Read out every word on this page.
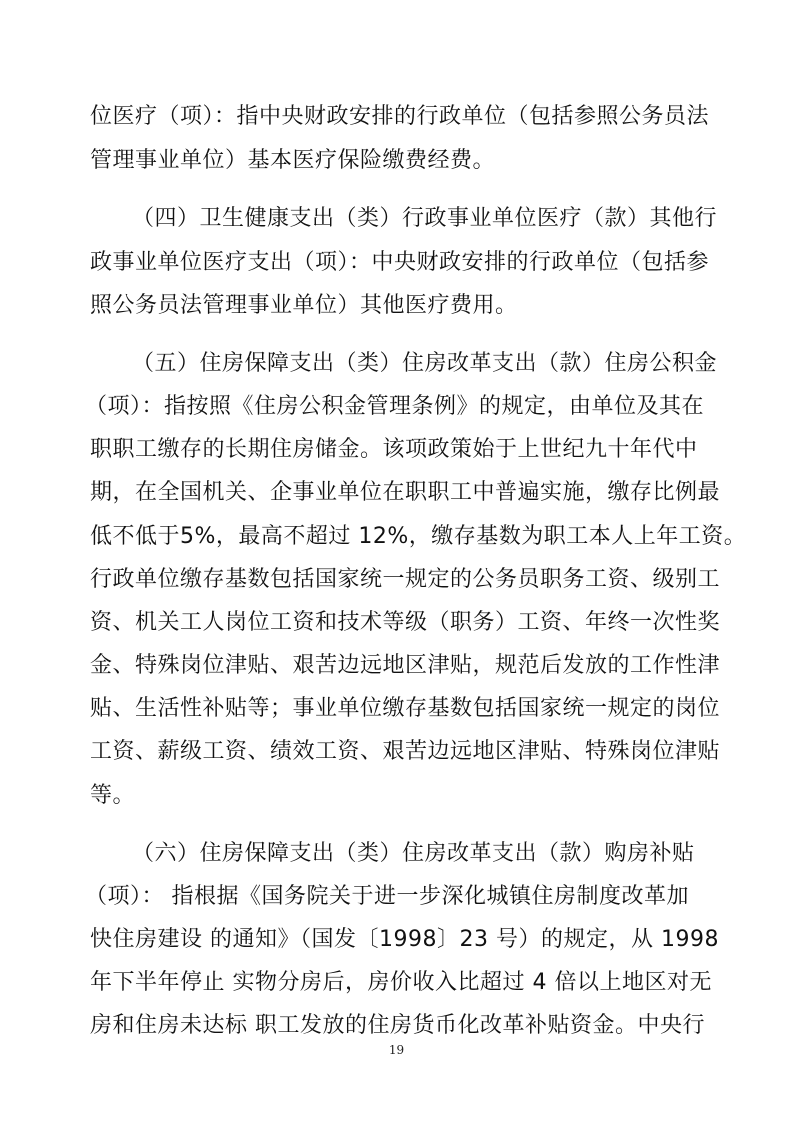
位医疗（项）：指中央财政安排的行政单位（包括参照公务员法
管理事业单位）基本医疗保险缴费经费。
（四）卫生健康支出（类）行政事业单位医疗（款）其他行
政事业单位医疗支出（项）：中央财政安排的行政单位（包括参
照公务员法管理事业单位）其他医疗费用。
（五）住房保障支出（类）住房改革支出（款）住房公积金
（项）：指按照《住房公积金管理条例》的规定，由单位及其在
职职工缴存的长期住房储金。该项政策始于上世纪九十年代中
期，在全国机关、企事业单位在职职工中普遍实施，缴存比例最
低不低于5%，最高不超过 12%，缴存基数为职工本人上年工资。
行政单位缴存基数包括国家统一规定的公务员职务工资、级别工
资、机关工人岗位工资和技术等级（职务）工资、年终一次性奖
金、特殊岗位津贴、艰苦边远地区津贴，规范后发放的工作性津
贴、生活性补贴等；事业单位缴存基数包括国家统一规定的岗位
工资、薪级工资、绩效工资、艰苦边远地区津贴、特殊岗位津贴
等。
（六）住房保障支出（类）住房改革支出（款）购房补贴
（项）： 指根据《国务院关于进一步深化城镇住房制度改革加
快住房建设 的通知》（国发〔1998〕23 号）的规定，从 1998
年下半年停止 实物分房后，房价收入比超过 4 倍以上地区对无
房和住房未达标 职工发放的住房货币化改革补贴资金。中央行
19
